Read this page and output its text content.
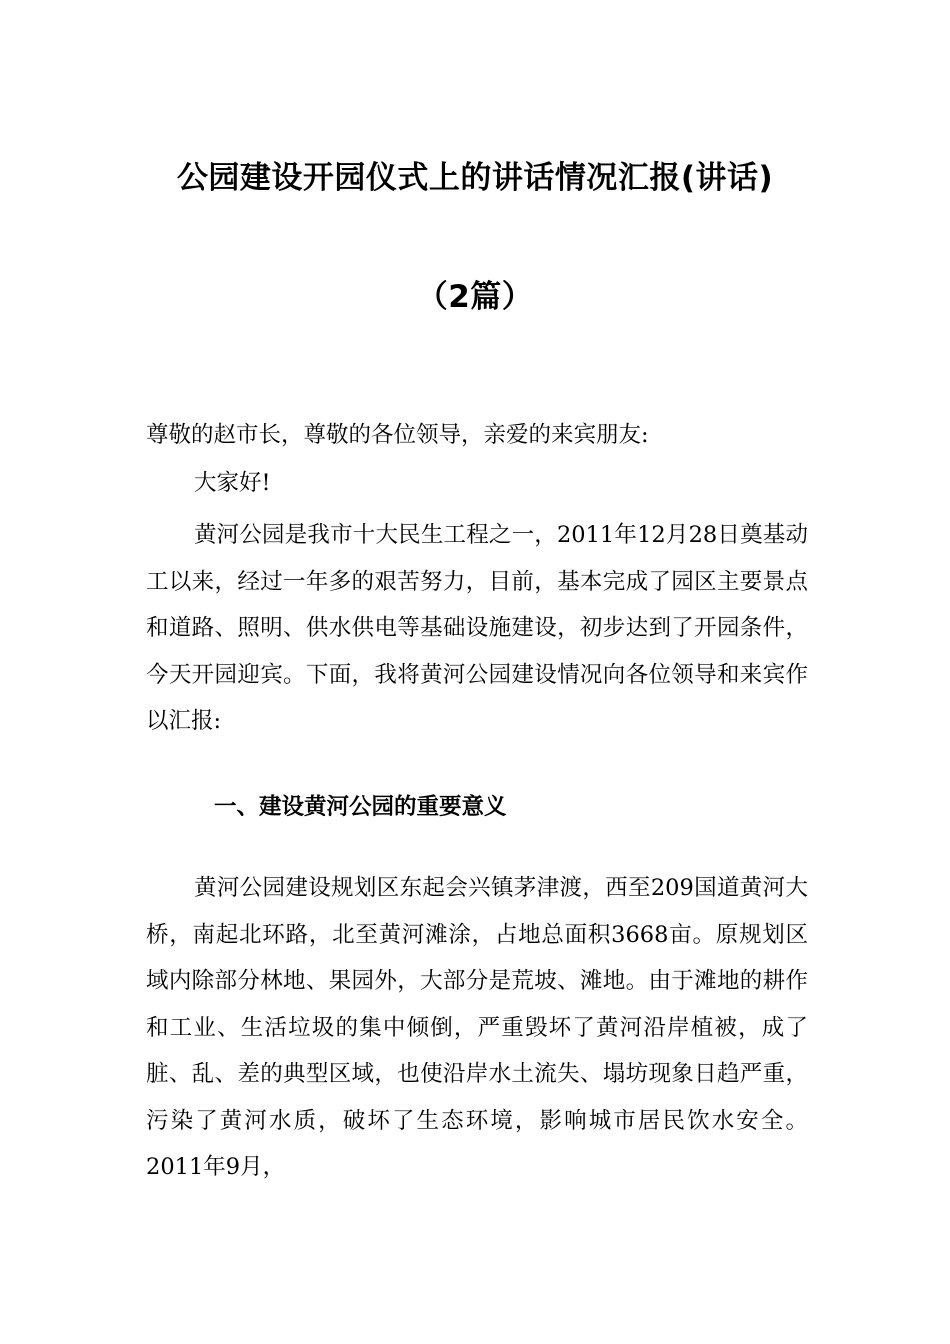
公园建设开园仪式上的讲话情况汇报(讲话)
（2篇）

尊敬的赵市长，尊敬的各位领导，亲爱的来宾朋友:

大家好!

黄河公园是我市十大民生工程之一，2011年12月28日奠基动工以来，经过一年多的艰苦努力，目前，基本完成了园区主要景点和道路、照明、供水供电等基础设施建设，初步达到了开园条件，今天开园迎宾。下面，我将黄河公园建设情况向各位领导和来宾作以汇报:

一、建设黄河公园的重要意义

黄河公园建设规划区东起会兴镇茅津渡，西至209国道黄河大桥，南起北环路，北至黄河滩涂，占地总面积3668亩。原规划区域内除部分林地、果园外，大部分是荒坡、滩地。由于滩地的耕作和工业、生活垃圾的集中倾倒，严重毁坏了黄河沿岸植被，成了脏、乱、差的典型区域，也使沿岸水土流失、塌坊现象日趋严重，污染了黄河水质，破坏了生态环境，影响城市居民饮水安全。2011年9月，
